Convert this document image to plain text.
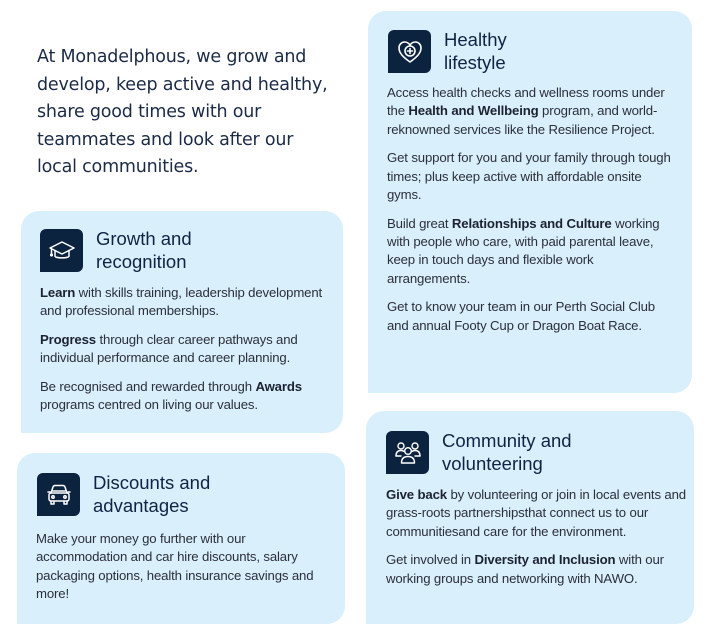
At Monadelphous, we grow and develop, keep active and healthy, share good times with our teammates and look after our local communities.
Growth and
recognition

Learn with skills training, leadership development and professional memberships.

Progress through clear career pathways and individual performance and career planning.

Be recognised and rewarded through Awards programs centred on living our values.

Discounts and
advantages

Make your money go further with our accommodation and car hire discounts, salary packaging options, health insurance savings and more!

Healthy
lifestyle

Access health checks and wellness rooms under the Health and Wellbeing program, and world-reknowned services like the Resilience Project.

Get support for you and your family through tough times; plus keep active with affordable onsite gyms.

Build great Relationships and Culture working with people who care, with paid parental leave, keep in touch days and flexible work arrangements.

Get to know your team in our Perth Social Club and annual Footy Cup or Dragon Boat Race.

Community and
volunteering

Give back by volunteering or join in local events and grass-roots partnershipsthat connect us to our communitiesand care for the environment.

Get involved in Diversity and Inclusion with our working groups and networking with NAWO.
